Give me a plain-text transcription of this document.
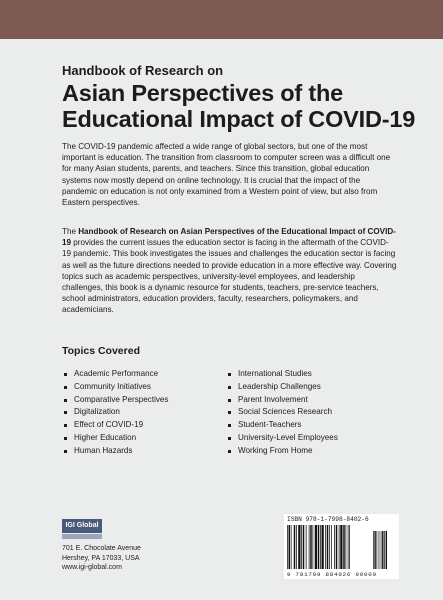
Handbook of Research on
Asian Perspectives of the
Educational Impact of COVID-19
The COVID-19 pandemic affected a wide range of global sectors, but one of the most important is education. The transition from classroom to computer screen was a difficult one for many Asian students, parents, and teachers. Since this transition, global education systems now mostly depend on online technology. It is crucial that the impact of the pandemic on education is not only examined from a Western point of view, but also from Eastern perspectives.
The Handbook of Research on Asian Perspectives of the Educational Impact of COVID-19 provides the current issues the education sector is facing in the aftermath of the COVID-19 pandemic. This book investigates the issues and challenges the education sector is facing as well as the future directions needed to provide education in a more effective way. Covering topics such as academic perspectives, university-level employees, and leadership challenges, this book is a dynamic resource for students, teachers, pre-service teachers, school administrators, education providers, faculty, researchers, policymakers, and academicians.
Topics Covered
Academic Performance
Community Initiatives
Comparative Perspectives
Digitalization
Effect of COVID-19
Higher Education
Human Hazards
International Studies
Leadership Challenges
Parent Involvement
Social Sciences Research
Student-Teachers
University-Level Employees
Working From Home
IGI Global
701 E. Chocolate Avenue
Hershey, PA 17033, USA
www.igi-global.com
ISBN 978-1-7998-8402-6
9 781799 884026 90000
